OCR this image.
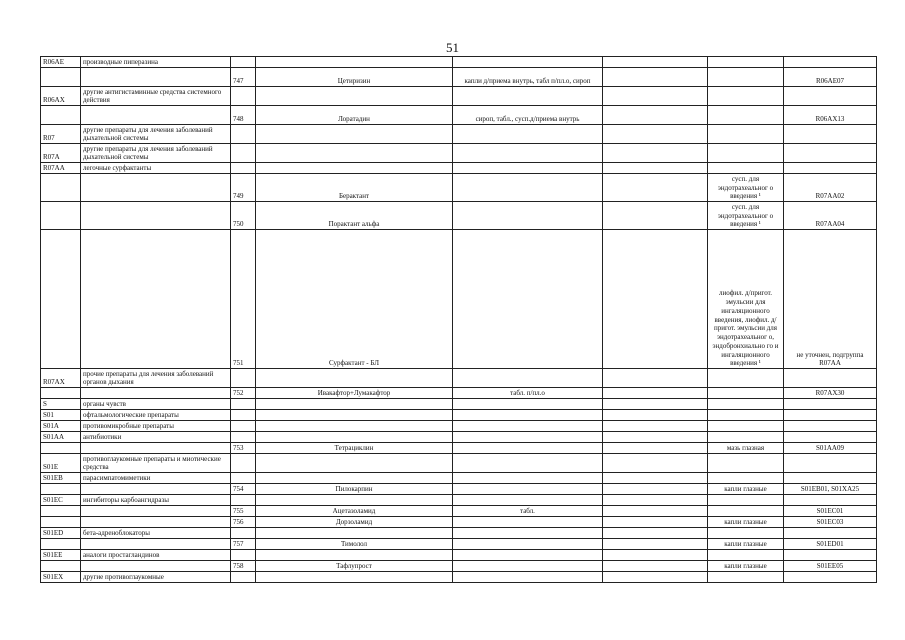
51
R06AE	производные пиперазина						
		747	Цетиризин	капли д/приема внутрь, табл п/пл.о, сироп			R06AE07
R06AX	другие антигистаминные средства системного действия						
		748	Лоратадин	сироп, табл., сусп.д/приема внутрь			R06AX13
R07	другие препараты для лечения заболеваний дыхательной системы						
R07A	другие препараты для лечения заболеваний дыхательной системы						
R07AA	легочные сурфактанты						
		749	Берактант			сусп. для эндотрахеальног о введения ¹	R07AA02
		750	Порактант альфа			сусп. для эндотрахеальног о введения ¹	R07AA04
		751	Сурфактант - БЛ			лиофил. д/пригот. эмульсии для ингаляционного введения, лиофил. д/пригот. эмульсии для эндотрахеальног о, эндобронхиально го и ингаляционного введения ¹	не уточнен, подгруппа R07AA
R07AX	прочие препараты для лечения заболеваний органов дыхания						
		752	Ивакафтор+Лумакафтор	табл. п/пл.о			R07AX30
S	органы чувств						
S01	офтальмологические препараты						
S01A	противомикробные препараты						
S01AA	антибиотики						
		753	Тетрациклин			мазь глазная	S01AA09
S01E	противоглаукомные препараты и миотические средства						
S01EB	парасимпатомиметики						
		754	Пилокарпин			капли глазные	S01EB01, S01XA25
S01EC	ингибиторы карбоангидразы						
		755	Ацетазоламид	табл.			S01EC01
		756	Дорзоламид			капли глазные	S01EC03
S01ED	бета-адреноблокаторы						
		757	Тимолол			капли глазные	S01ED01
S01EE	аналоги простагландинов						
		758	Тафлупрост			капли глазные	S01EE05
S01EX	другие противоглаукомные						
